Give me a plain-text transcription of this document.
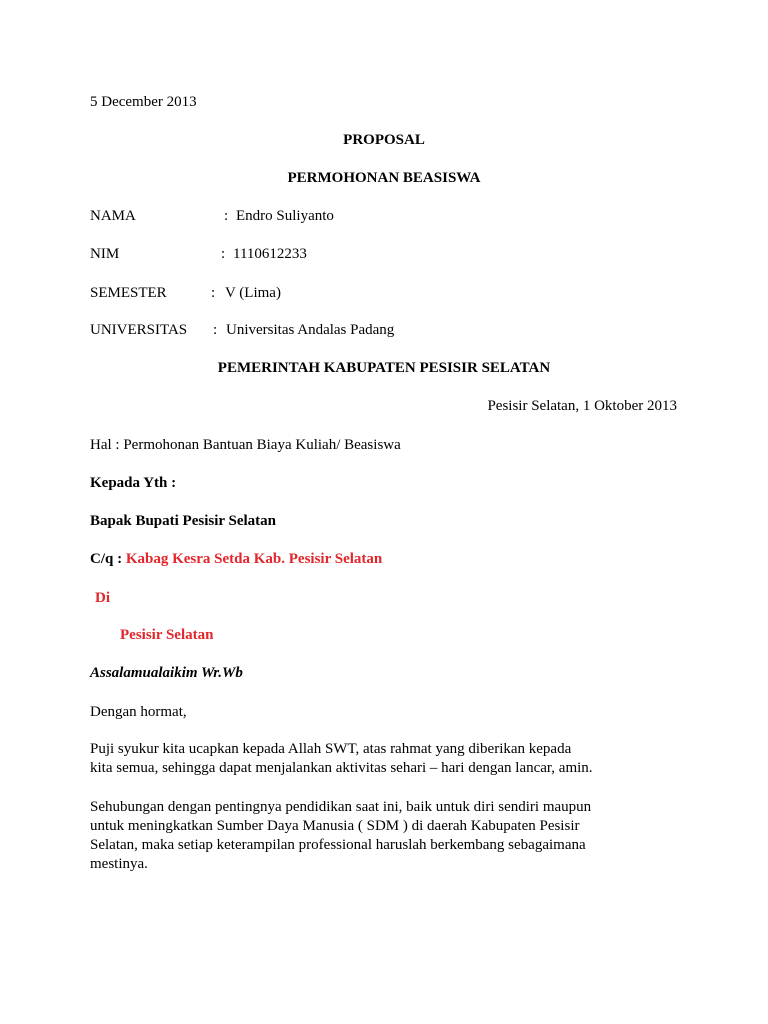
5 December 2013
PROPOSAL
PERMOHONAN BEASISWA
NAMA	: Endro Suliyanto
NIM	: 1110612233
SEMESTER	: V (Lima)
UNIVERSITAS : Universitas Andalas Padang
PEMERINTAH KABUPATEN PESISIR SELATAN
Pesisir Selatan, 1 Oktober 2013
Hal : Permohonan Bantuan Biaya Kuliah/ Beasiswa
Kepada Yth :
Bapak Bupati Pesisir Selatan
C/q : Kabag Kesra Setda Kab. Pesisir Selatan
Di
Pesisir Selatan
Assalamualaikim Wr.Wb
Dengan hormat,
Puji syukur kita ucapkan kepada Allah SWT, atas rahmat yang diberikan kepada
kita semua, sehingga dapat menjalankan aktivitas sehari – hari dengan lancar, amin.
Sehubungan dengan pentingnya pendidikan saat ini, baik untuk diri sendiri maupun
untuk meningkatkan Sumber Daya Manusia ( SDM ) di daerah Kabupaten Pesisir
Selatan, maka setiap keterampilan professional haruslah berkembang sebagaimana
mestinya.
